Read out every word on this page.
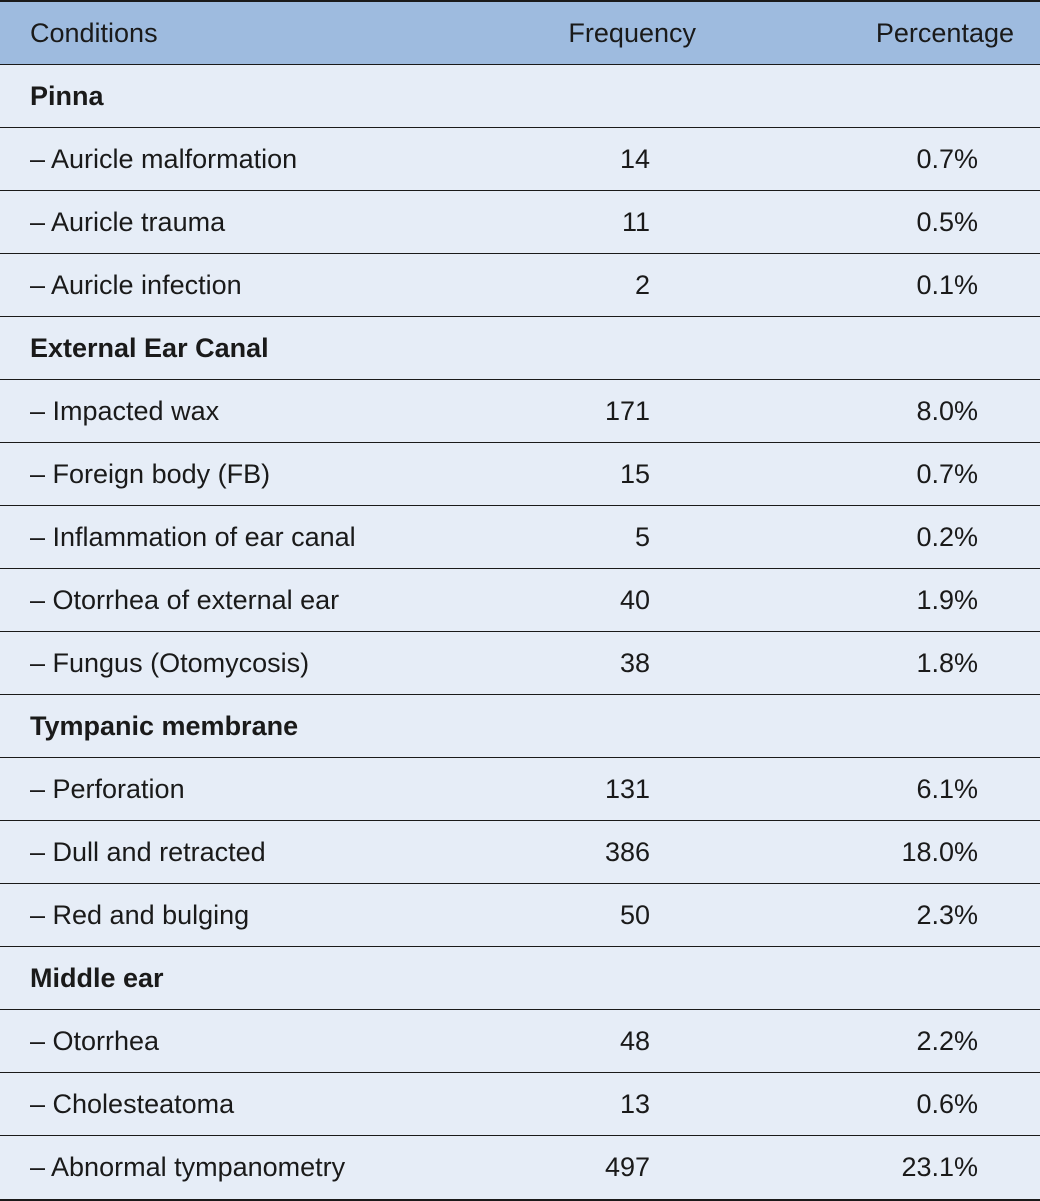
Conditions	Frequency	Percentage
Pinna
– Auricle malformation	14	0.7%
– Auricle trauma	11	0.5%
– Auricle infection	2	0.1%
External Ear Canal
– Impacted wax	171	8.0%
– Foreign body (FB)	15	0.7%
– Inflammation of ear canal	5	0.2%
– Otorrhea of external ear	40	1.9%
– Fungus (Otomycosis)	38	1.8%
Tympanic membrane
– Perforation	131	6.1%
– Dull and retracted	386	18.0%
– Red and bulging	50	2.3%
Middle ear
– Otorrhea	48	2.2%
– Cholesteatoma	13	0.6%
– Abnormal tympanometry	497	23.1%
